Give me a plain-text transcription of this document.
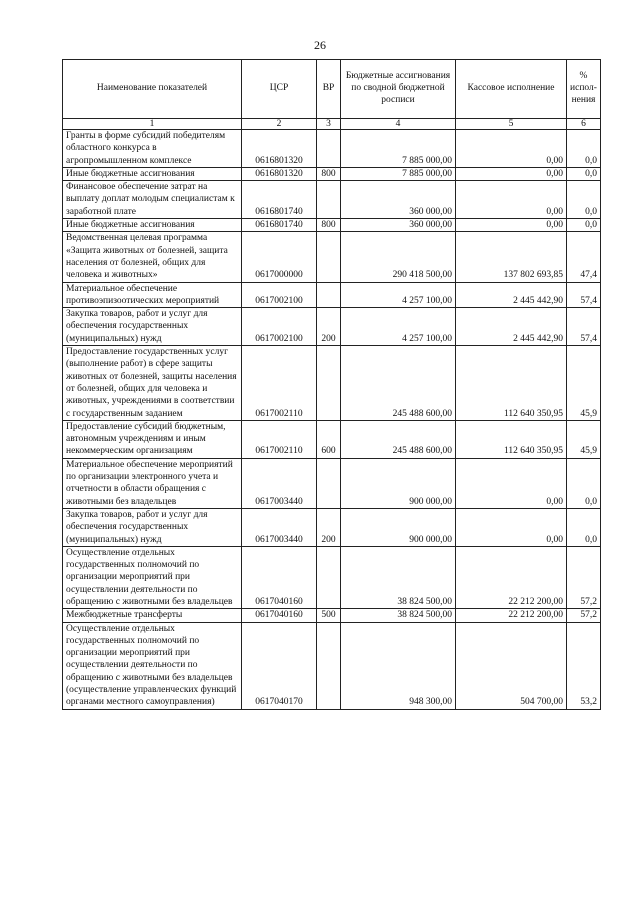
26
Наименование показателей	ЦСР	ВР	Бюджетные ассигнования по сводной бюджетной росписи	Кассовое исполнение	% испол-нения
1	2	3	4	5	6
Гранты в форме субсидий победителям областного конкурса в агропромышленном комплексе	0616801320		7 885 000,00	0,00	0,0
Иные бюджетные ассигнования	0616801320	800	7 885 000,00	0,00	0,0
Финансовое обеспечение затрат на выплату доплат молодым специалистам к заработной плате	0616801740		360 000,00	0,00	0,0
Иные бюджетные ассигнования	0616801740	800	360 000,00	0,00	0,0
Ведомственная целевая программа «Защита животных от болезней, защита населения от болезней, общих для человека и животных»	0617000000		290 418 500,00	137 802 693,85	47,4
Материальное обеспечение противоэпизоотических мероприятий	0617002100		4 257 100,00	2 445 442,90	57,4
Закупка товаров, работ и услуг для обеспечения государственных (муниципальных) нужд	0617002100	200	4 257 100,00	2 445 442,90	57,4
Предоставление государственных услуг (выполнение работ) в сфере защиты животных от болезней, защиты населения от болезней, общих для человека и животных, учреждениями в соответствии с государственным заданием	0617002110		245 488 600,00	112 640 350,95	45,9
Предоставление субсидий бюджетным, автономным учреждениям и иным некоммерческим организациям	0617002110	600	245 488 600,00	112 640 350,95	45,9
Материальное обеспечение мероприятий по организации электронного учета и отчетности в области обращения с животными без владельцев	0617003440		900 000,00	0,00	0,0
Закупка товаров, работ и услуг для обеспечения государственных (муниципальных) нужд	0617003440	200	900 000,00	0,00	0,0
Осуществление отдельных государственных полномочий по организации мероприятий при осуществлении деятельности по обращению с животными без владельцев	0617040160		38 824 500,00	22 212 200,00	57,2
Межбюджетные трансферты	0617040160	500	38 824 500,00	22 212 200,00	57,2
Осуществление отдельных государственных полномочий по организации мероприятий при осуществлении деятельности по обращению с животными без владельцев (осуществление управленческих функций органами местного самоуправления)	0617040170		948 300,00	504 700,00	53,2
